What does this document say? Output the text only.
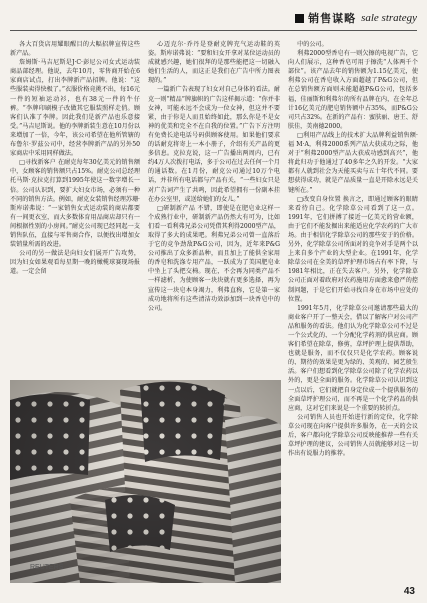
销售谋略 sale strategy

各大百货店用耀眼醒目的大幅招牌宣传这些新产品。

詹姆斯·马吉尼斯是J·C·彭尼公司女式运动装商品部经理。他说，去年10月，零售商开始在6家商店试点，打出李牌新产品招牌。他说：“这些服装卖得快极了。”衣服价格竟挑不出，每16元一件的短袖运动衫，也有38元一件的牛仔裤。“李牌印刷模子改做其它服装照样走俏。顾客们认准了李牌。因此我们是新产品也乐意接受。”马吉尼斯说。他的李牌新装生意在10月份以来增加了一倍，今年，该公司希望在他所管辖的布鲁尔·罗兹公司中，经营李牌新产品的另外50家商店中采用同样做法。

□寻找新客户 在耐克每年30亿美元的销售额中，女顾客的销售额只占15%。耐克公司总经理托马斯·克拉克打算到1995年使这一数字增长一倍。公司认识到，要扩大妇女市场，必须有一种不同的销售方法。例如，耐克女装销售经理苏珊·斯库诺弗说：“一家销售女式运动装的商店都要有一间更衣室，而大多数体育用品商店却只有一间根据性别的小房间。”耐克公司现已经同起一支销售队伍，直接与零售商合作，以便找出增加女装销量所需的改进。

公司的另一做法是向妇女们展开广告攻势，因为妇女如果观看每星期一晚的橄榄球赛现场报道。一定会留

心迈克尔·乔丹是登耐克牌充气运动鞋的英姿。斯库诺弗说：“要和妇女开拿对某位运动员的成就感兴趣，她们很拜的是那些能把这一切融入她们生活的人，而这正是我们在广告中所力图表现的。”

一篇新广告表现了妇女对自己身体的看法。耐克一则“精品”牌旗帜的广告这样揭示道：“你并非女神，可能永远不会成为一位女神，但这并不要紧，由于你是人而且始终如此，那么你是不是女神的优美和完全不在自我的位置。”广告下方注明有免费长途电话号码供顾客使用。如果他们要求的话耐克将寄上一本小册子，介绍有关产品的更多信息。克拉克说，这一广告播出两周内，已有约4万人次拨打电话，多于公司在过去任何一个月的通话数。在1月份，耐克公司通过10万个电话，并非所有电话都与产品有关，“一些妇女只是对广告词产生了共鸣，因此希望拥有一份副本挂在办公室里，或送给她们的女儿。”

□研制新产品 不错，即使是在肥皂业这样一个成熟行业中，研制新产品仍然大有可为，比如们看一看利弗兄弟公司凭借其利得2000型产品，取得了多大的成果吧。利弗兄弟公司曾一直落后于它的竞争劲敌P&G公司，因为，近年来P&G公司推出了众多新品种，而且加上了能供全家用的香皂和洗涤专用产品，一跃成为了美国肥皂业中坐上了头把交椅。现在，不会再为同类产品不一样滤析，为使顾客一块块就有更多选择，再为宣传这一块皂本身竭力，利弗直称，它是第一家成功地将所有这些清洁功效添加到一块香皂中的公司。

中的公司。

利弗2000型香皂有一则欠擦的电视广告，它向人们展示，这种香皂可用于擦洗“人体两千个部位”。该产品去年的销售额为1.15亿美元，使利弗公司在香皂收入方面超越了P&G公司，但在总销售额方面则未能超越P&G公司，包括多福，佳丽斯和利弗尔的所有品牌在内，在全年总计16亿美元的肥皂销售额中占35%，而P&G公司只占32%。在新的产品有：蜜肤丽、唐王、舒肤佳，美南德2000。

□利用产品线上的技术扩大品牌利益销售额·福 M·A，利弗2000系列产品大获成功之际，他对于“利弗2000型产品大获成功感到高兴”，他将此归功于他通过了40多年之久的开发。“大家都有人就到社会为天能买卖与五十年代不同。要想获得成功，就是产品质量一直是开除永远是关键所在。”

□改变自身位置 换言之，即通过顾客的眼睛来看待自己。化学除草公司看到了这一点。1991年，它们拼搏了接近一亿美元的营业额，由于它们不能发掘出来能适应化学农药的广大市场。由于相信化学除草公司的那些安于的价格。另外，化学除草公司所面对的竞争对手是两个以上来自多个产业的大型企业。在1991年，化学除草公司在全美的草坪护理市场占有率下降，与1981年相比，正在失去客户。另外，化学除草公司正面对着政府对农药施用方面愈来愈严的控制问题，于是它们开始寻找自身在市场中应处的位置。

1991年5月，化学除草公司邀请那些最大的商业客户开了一整天会，借以了解客户对公司产品和服务的看法。他们认为化学除草公司不过是一个公式化的、一个分配化学药剂的供应商。顾客们希望在除草，修剪，草坪护理上提供帮助，也就是服务，而不仅仅只是化学农药。顾客说的、期待的效果是更为绿的、美观的、园艺般生活。客户们想看到化学除草公司除了化学农药以外的，更是全面的服务。化学除草公司认识到这一点以后，它们就把自身定位成一个提供服务的全面草坪护理公司，而不再是一个化学药品的供应商，这对它们来说是一个重要的转折点。

公司销售人员也开始进行新的定位，化学除草公司现在向客户提供许多服务，在一天的会议后，客户都向化学除草公司反映能推荐一些有关草坪护理的建议，公司销售人员就能够对这一切作出有说服力的推荐。

REUTERS
43
